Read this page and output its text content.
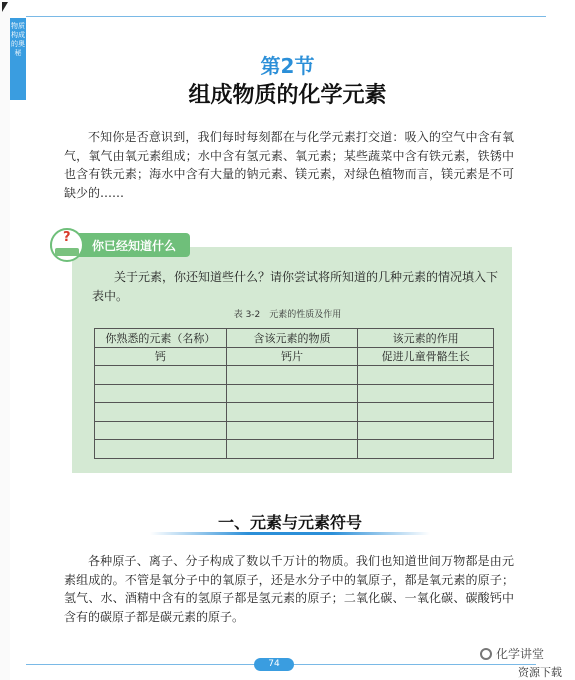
物质构成的奥秘
第2节
组成物质的化学元素
不知你是否意识到，我们每时每刻都在与化学元素打交道：吸入的空气中含有氧气，氧气由氧元素组成；水中含有氢元素、氧元素；某些蔬菜中含有铁元素，铁锈中也含有铁元素；海水中含有大量的钠元素、镁元素，对绿色植物而言，镁元素是不可缺少的……
?
你已经知道什么
关于元素，你还知道些什么？请你尝试将所知道的几种元素的情况填入下表中。
表 3-2　元素的性质及作用
你熟悉的元素（名称）	含该元素的物质	该元素的作用
钙	钙片	促进儿童骨骼生长

一、元素与元素符号
各种原子、离子、分子构成了数以千万计的物质。我们也知道世间万物都是由元素组成的。不管是氧分子中的氧原子，还是水分子中的氧原子，都是氧元素的原子；氢气、水、酒精中含有的氢原子都是氢元素的原子；二氧化碳、一氧化碳、碳酸钙中含有的碳原子都是碳元素的原子。
74
化学讲堂
资源下载
